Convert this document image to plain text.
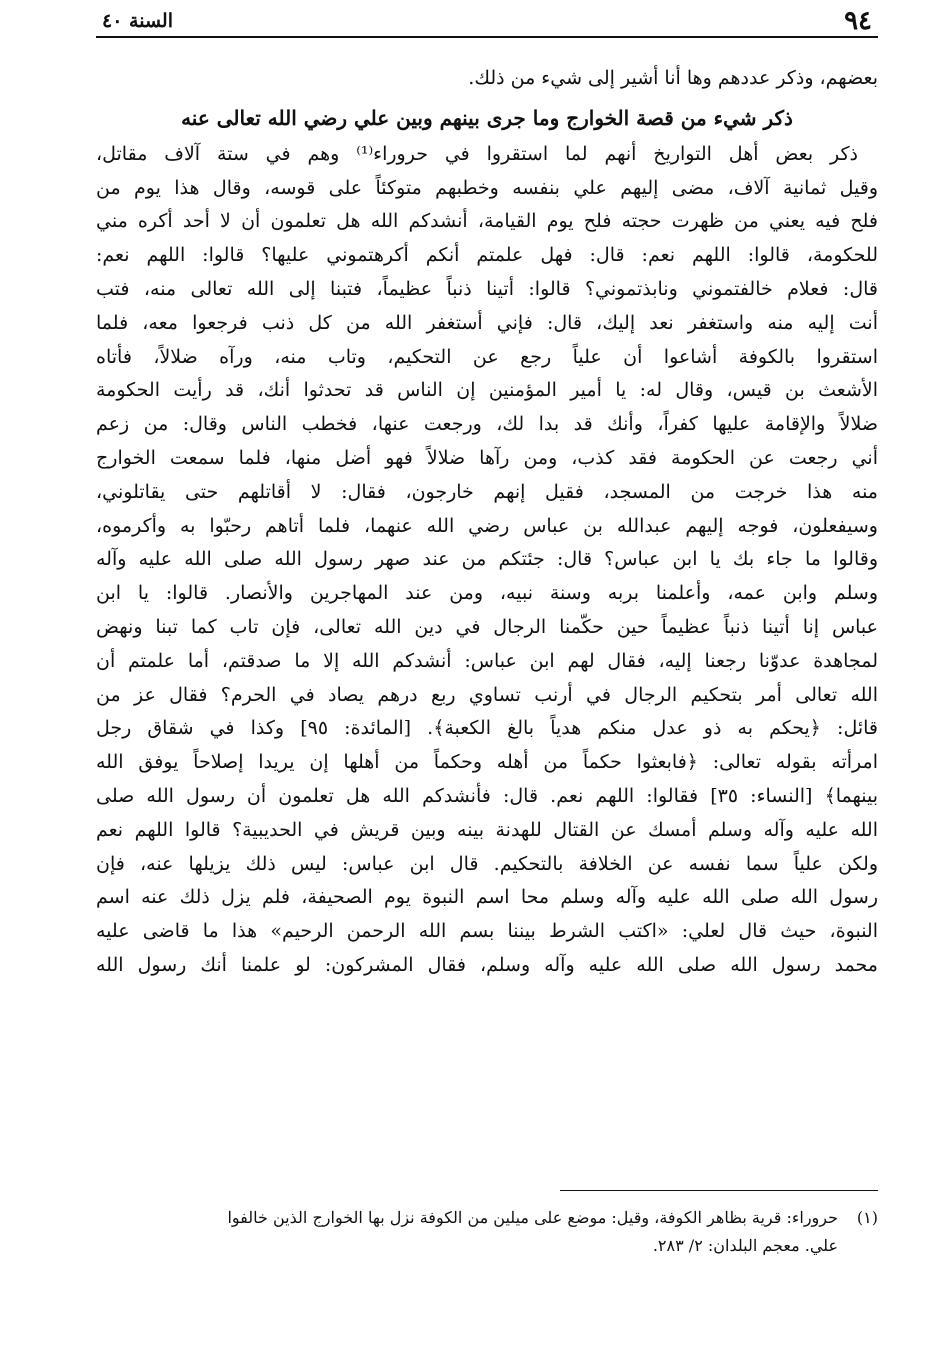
٩٤
السنة ٤٠
بعضهم، وذكر عددهم وها أنا أشير إلى شيء من ذلك.
ذكر شيء من قصة الخوارج وما جرى بينهم وبين علي رضي الله تعالى عنه
ذكر بعض أهل التواريخ أنهم لما استقروا في حروراء⁽¹⁾ وهم في ستة آلاف مقاتل،
وقيل ثمانية آلاف، مضى إليهم علي بنفسه وخطبهم متوكئاً على قوسه، وقال هذا يوم من
فلح فيه يعني من ظهرت حجته فلح يوم القيامة، أنشدكم الله هل تعلمون أن لا أحد أكره مني
للحكومة، قالوا: اللهم نعم: قال: فهل علمتم أنكم أكرهتموني عليها؟ قالوا: اللهم نعم:
قال: فعلام خالفتموني ونابذتموني؟ قالوا: أتينا ذنباً عظيماً، فتبنا إلى الله تعالى منه، فتب
أنت إليه منه واستغفر نعد إليك، قال: فإني أستغفر الله من كل ذنب فرجعوا معه، فلما
استقروا بالكوفة أشاعوا أن علياً رجع عن التحكيم، وتاب منه، ورآه ضلالاً، فأتاه
الأشعث بن قيس، وقال له: يا أمير المؤمنين إن الناس قد تحدثوا أنك، قد رأيت الحكومة
ضلالاً والإقامة عليها كفراً، وأنك قد بدا لك، ورجعت عنها، فخطب الناس وقال: من زعم
أني رجعت عن الحكومة فقد كذب، ومن رآها ضلالاً فهو أضل منها، فلما سمعت الخوارج
منه هذا خرجت من المسجد، فقيل إنهم خارجون، فقال: لا أقاتلهم حتى يقاتلوني،
وسيفعلون، فوجه إليهم عبدالله بن عباس رضي الله عنهما، فلما أتاهم رحبّوا به وأكرموه،
وقالوا ما جاء بك يا ابن عباس؟ قال: جئتكم من عند صهر رسول الله صلى الله عليه وآله
وسلم وابن عمه، وأعلمنا بربه وسنة نبيه، ومن عند المهاجرين والأنصار. قالوا: يا ابن
عباس إنا أتينا ذنباً عظيماً حين حكّمنا الرجال في دين الله تعالى، فإن تاب كما تبنا ونهض
لمجاهدة عدوّنا رجعنا إليه، فقال لهم ابن عباس: أنشدكم الله إلا ما صدقتم، أما علمتم أن
الله تعالى أمر بتحكيم الرجال في أرنب تساوي ربع درهم يصاد في الحرم؟ فقال عز من
قائل: ﴿يحكم به ذو عدل منكم هدياً بالغ الكعبة﴾. [المائدة: ٩٥] وكذا في شقاق رجل
امرأته بقوله تعالى: ﴿فابعثوا حكماً من أهله وحكماً من أهلها إن يريدا إصلاحاً يوفق الله
بينهما﴾ [النساء: ٣٥] فقالوا: اللهم نعم. قال: فأنشدكم الله هل تعلمون أن رسول الله صلى
الله عليه وآله وسلم أمسك عن القتال للهدنة بينه وبين قريش في الحديبية؟ قالوا اللهم نعم
ولكن علياً سما نفسه عن الخلافة بالتحكيم. قال ابن عباس: ليس ذلك يزيلها عنه، فإن
رسول الله صلى الله عليه وآله وسلم محا اسم النبوة يوم الصحيفة، فلم يزل ذلك عنه اسم
النبوة، حيث قال لعلي: «اكتب الشرط بيننا بسم الله الرحمن الرحيم» هذا ما قاضى عليه
محمد رسول الله صلى الله عليه وآله وسلم، فقال المشركون: لو علمنا أنك رسول الله
(١)حروراء: قرية بظاهر الكوفة، وقيل: موضع على ميلين من الكوفة نزل بها الخوارج الذين خالفوا
علي. معجم البلدان: ٢/ ٢٨٣.
